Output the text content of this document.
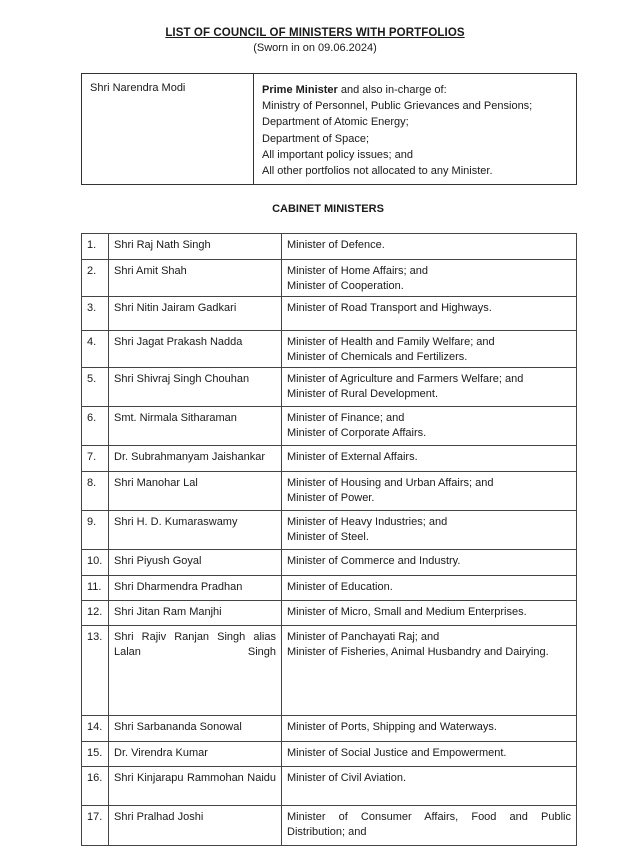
LIST OF COUNCIL OF MINISTERS WITH PORTFOLIOS
(Sworn in on 09.06.2024)
Shri Narendra Modi	Prime Minister and also in-charge of:
Ministry of Personnel, Public Grievances and Pensions;
Department of Atomic Energy;
Department of Space;
All important policy issues; and
All other portfolios not allocated to any Minister.
CABINET MINISTERS
1.	Shri Raj Nath Singh	Minister of Defence.

2.	Shri Amit Shah	Minister of Home Affairs; and
Minister of Cooperation.

3.	Shri Nitin Jairam Gadkari	Minister of Road Transport and Highways.

4.	Shri Jagat Prakash Nadda	Minister of Health and Family Welfare; and
Minister of Chemicals and Fertilizers.

5.	Shri Shivraj Singh Chouhan	Minister of Agriculture and Farmers Welfare; and
Minister of Rural Development.

6.	Smt. Nirmala Sitharaman	Minister of Finance; and
Minister of Corporate Affairs.

7.	Dr. Subrahmanyam Jaishankar	Minister of External Affairs.

8.	Shri Manohar Lal	Minister of Housing and Urban Affairs; and
Minister of Power.

9.	Shri H. D. Kumaraswamy	Minister of Heavy Industries; and
Minister of Steel.

10.	Shri Piyush Goyal	Minister of Commerce and Industry.

11.	Shri Dharmendra Pradhan	Minister of Education.

12.	Shri Jitan Ram Manjhi	Minister of Micro, Small and Medium Enterprises.

13.	Shri Rajiv Ranjan Singh alias Lalan Singh	Minister of Panchayati Raj; and
Minister of Fisheries, Animal Husbandry and Dairying.

14.	Shri Sarbananda Sonowal	Minister of Ports, Shipping and Waterways.

15.	Dr. Virendra Kumar	Minister of Social Justice and Empowerment.

16.	Shri Kinjarapu Rammohan Naidu	Minister of Civil Aviation.

17.	Shri Pralhad Joshi	Minister of Consumer Affairs, Food and Public Distribution; and
